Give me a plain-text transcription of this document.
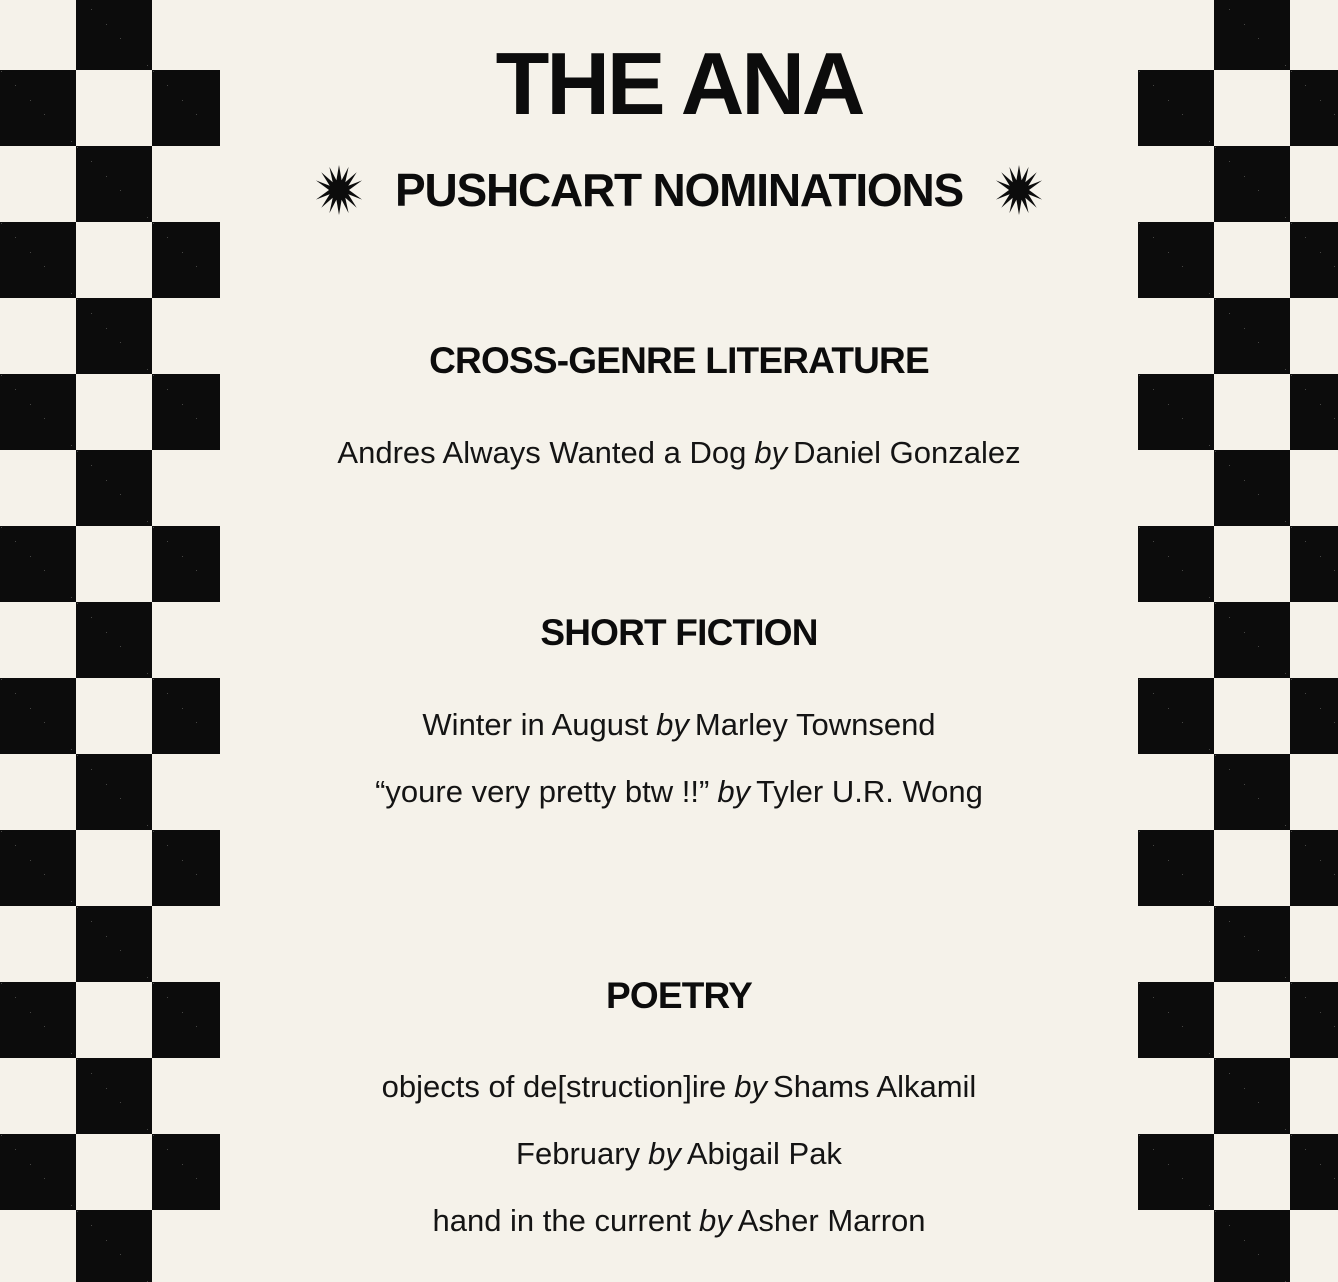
THE ANA
PUSHCART NOMINATIONS
CROSS-GENRE LITERATURE
Andres Always Wanted a Dog by Daniel Gonzalez
SHORT FICTION
Winter in August by Marley Townsend
“youre very pretty btw !!” by Tyler U.R. Wong
POETRY
objects of de[struction]ire by Shams Alkamil
February by Abigail Pak
hand in the current by Asher Marron
